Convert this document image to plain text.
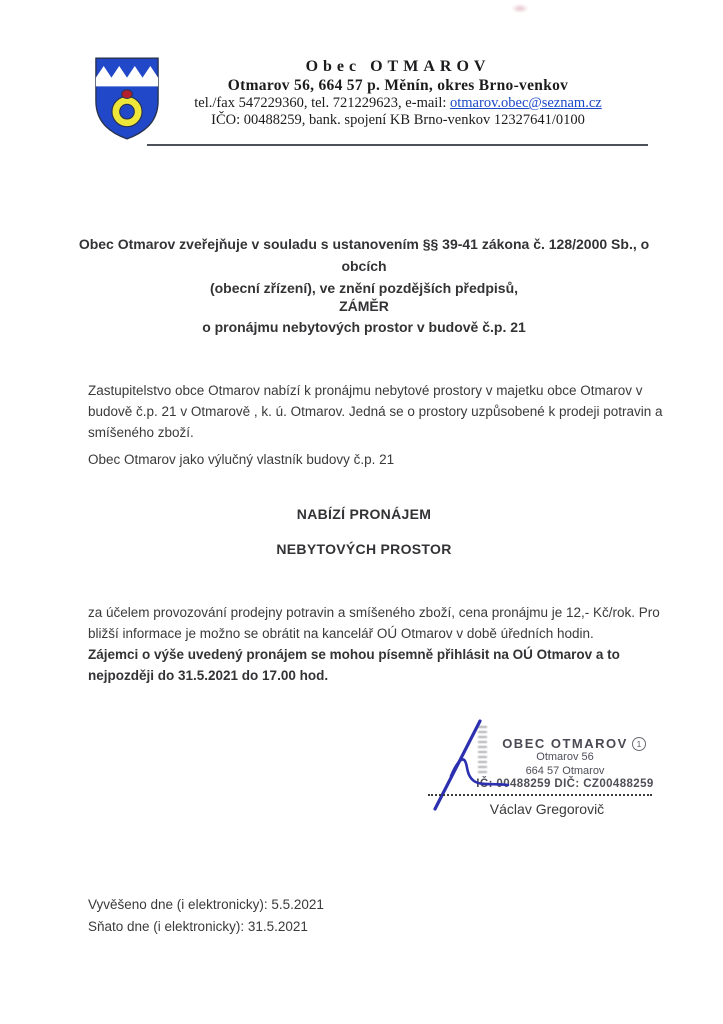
Obec OTMAROV
Otmarov 56, 664 57 p. Měnín, okres Brno-venkov
tel./fax 547229360, tel. 721229623, e-mail: otmarov.obec@seznam.cz
IČO: 00488259, bank. spojení KB Brno-venkov 12327641/0100
Obec Otmarov zveřejňuje v souladu s ustanovením §§ 39-41 zákona č. 128/2000 Sb., o obcích
(obecní zřízení), ve znění pozdějších předpisů,
ZÁMĚR
o pronájmu nebytových prostor v budově č.p. 21
Zastupitelstvo obce Otmarov nabízí k pronájmu nebytové prostory v majetku obce Otmarov v budově č.p. 21 v Otmarově , k. ú. Otmarov. Jedná se o prostory uzpůsobené k prodeji potravin a smíšeného zboží.
Obec Otmarov jako výlučný vlastník budovy č.p. 21
NABÍZÍ PRONÁJEM
NEBYTOVÝCH PROSTOR
za účelem provozování prodejny potravin a smíšeného zboží, cena pronájmu je 12,- Kč/rok. Pro bližší informace je možno se obrátit na kancelář OÚ Otmarov v době úředních hodin.
Zájemci o výše uvedený pronájem se mohou písemně přihlásit na OÚ Otmarov a to nejpozději do 31.5.2021 do 17.00 hod.
OBEC OTMAROV
Otmarov 56
664 57 Otmarov
IČ: 00488259 DIČ: CZ00488259
1
Václav Gregorovič
Vyvěšeno dne (i elektronicky): 5.5.2021
Sňato dne (i elektronicky): 31.5.2021
